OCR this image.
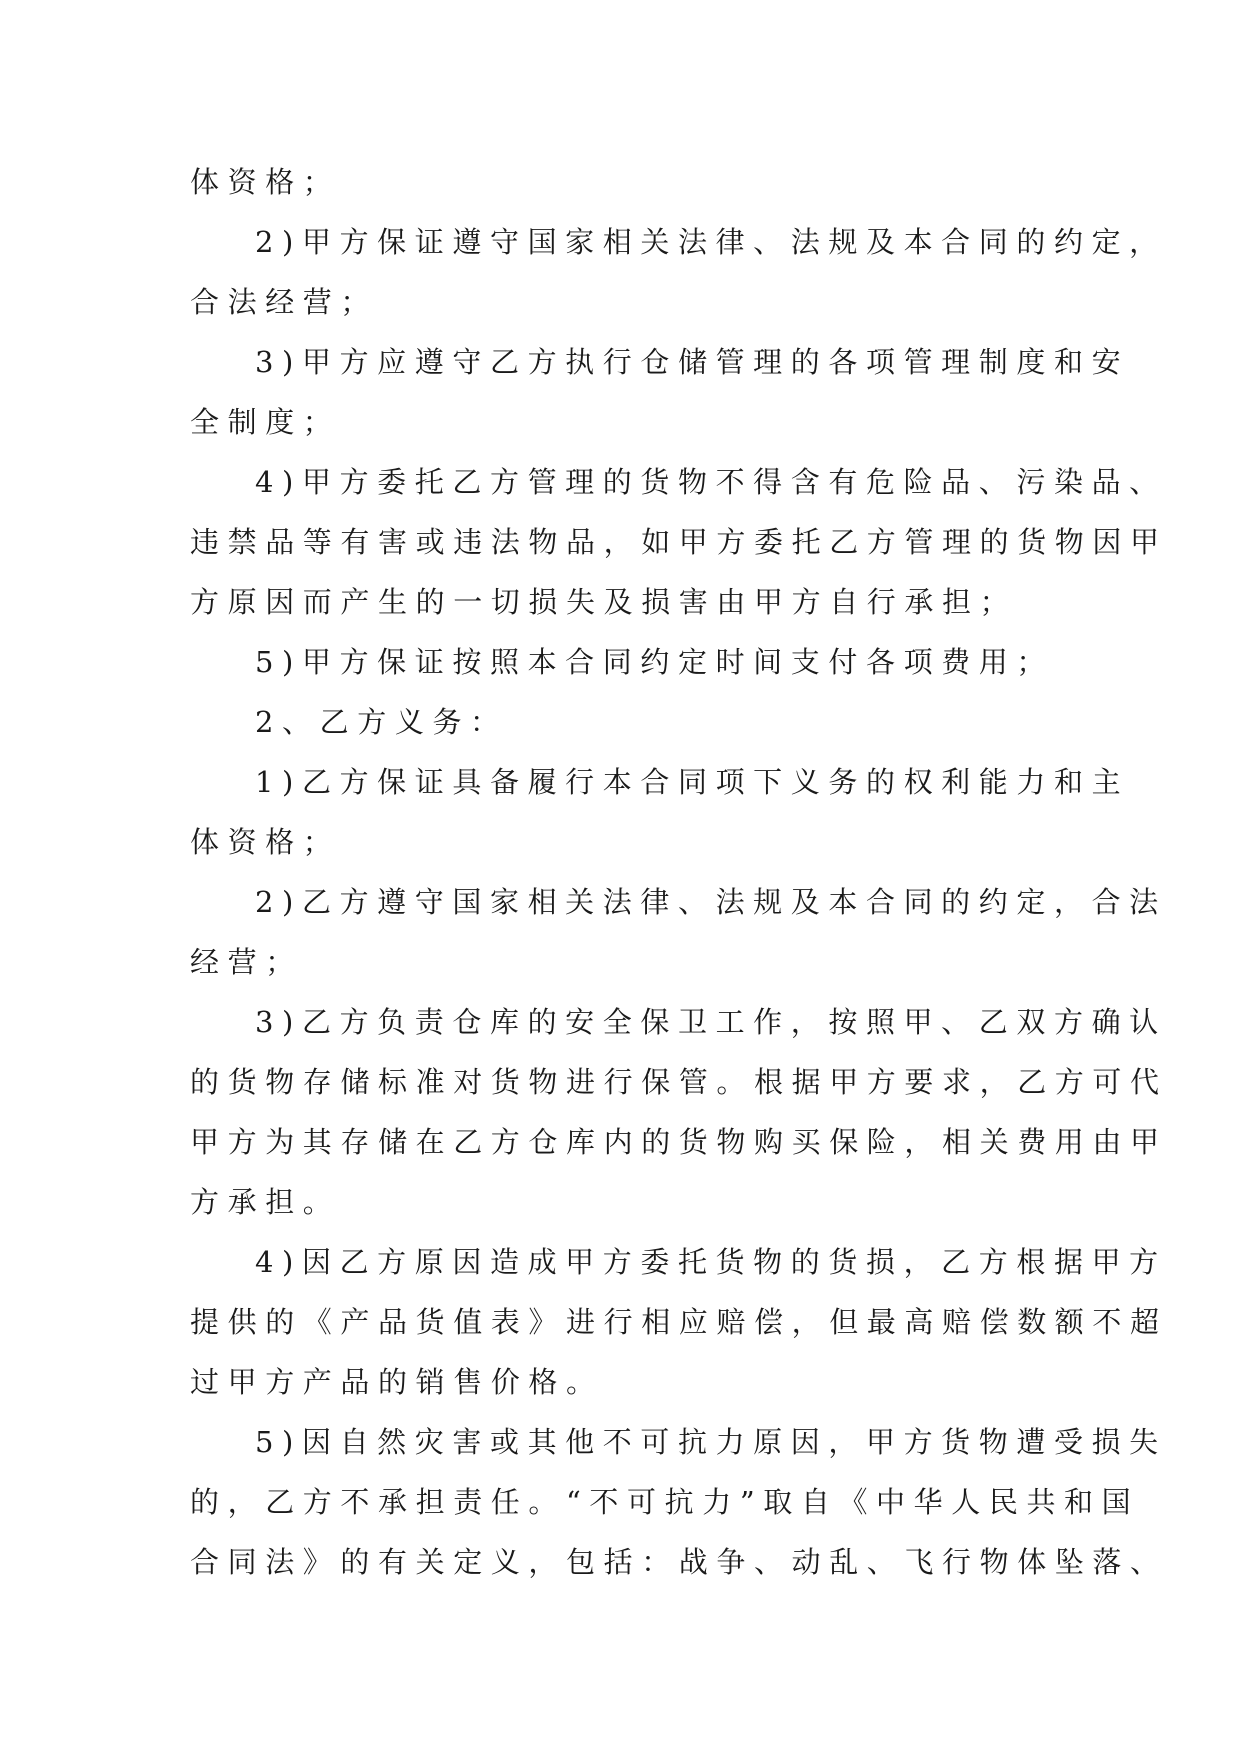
体资格；
2)甲方保证遵守国家相关法律、法规及本合同的约定，
合法经营；
3)甲方应遵守乙方执行仓储管理的各项管理制度和安
全制度；
4)甲方委托乙方管理的货物不得含有危险品、污染品、
违禁品等有害或违法物品，如甲方委托乙方管理的货物因甲
方原因而产生的一切损失及损害由甲方自行承担；
5)甲方保证按照本合同约定时间支付各项费用；
2、乙方义务：
1)乙方保证具备履行本合同项下义务的权利能力和主
体资格；
2)乙方遵守国家相关法律、法规及本合同的约定，合法
经营；
3)乙方负责仓库的安全保卫工作，按照甲、乙双方确认
的货物存储标准对货物进行保管。根据甲方要求，乙方可代
甲方为其存储在乙方仓库内的货物购买保险，相关费用由甲
方承担。
4)因乙方原因造成甲方委托货物的货损，乙方根据甲方
提供的《产品货值表》进行相应赔偿，但最高赔偿数额不超
过甲方产品的销售价格。
5)因自然灾害或其他不可抗力原因，甲方货物遭受损失
的，乙方不承担责任。“不可抗力”取自《中华人民共和国
合同法》的有关定义，包括：战争、动乱、飞行物体坠落、
